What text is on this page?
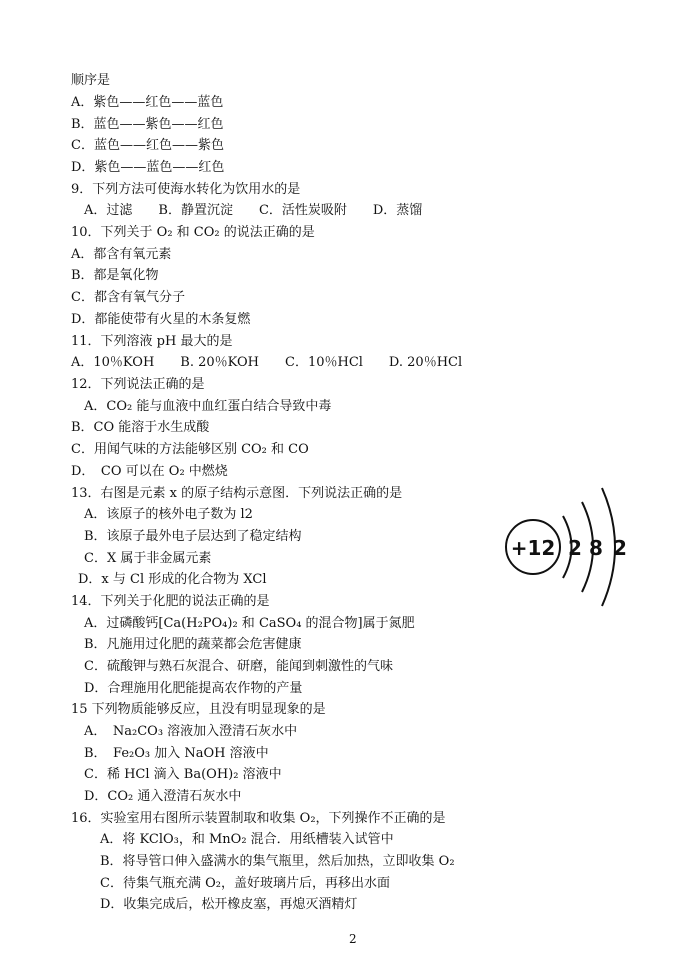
顺序是
A．紫色——红色——蓝色
B．蓝色——紫色——红色
C．蓝色——红色——紫色
D．紫色——蓝色——红色
9．下列方法可使海水转化为饮用水的是
A．过滤　　B．静置沉淀　　C．活性炭吸附　　D．蒸馏
10．下列关于 O₂ 和 CO₂ 的说法正确的是
A．都含有氧元素
B．都是氧化物
C．都含有氧气分子
D．都能使带有火星的木条复燃
11．下列溶液 pH 最大的是
A．10％KOH　　B. 20％KOH　　C．10％HCl　　D. 20％HCl
12．下列说法正确的是
A．CO₂ 能与血液中血红蛋白结合导致中毒
B．CO 能溶于水生成酸
C．用闻气味的方法能够区别 CO₂ 和 CO
D．　CO 可以在 O₂ 中燃烧
13．右图是元素 x 的原子结构示意图．下列说法正确的是
A．该原子的核外电子数为 l2
B．该原子最外电子层达到了稳定结构
C．X 属于非金属元素
D．x 与 Cl 形成的化合物为 XCl
14．下列关于化肥的说法正确的是
A．过磷酸钙[Ca(H₂PO₄)₂ 和 CaSO₄ 的混合物]属于氮肥
B．凡施用过化肥的蔬菜都会危害健康
C．硫酸钾与熟石灰混合、研磨，能闻到刺激性的气味
D．合理施用化肥能提高农作物的产量
15 下列物质能够反应，且没有明显现象的是
A．　Na₂CO₃ 溶液加入澄清石灰水中
B．　Fe₂O₃ 加入 NaOH 溶液中
C．稀 HCl 滴入 Ba(OH)₂ 溶液中
D．CO₂ 通入澄清石灰水中
16．实验室用右图所示装置制取和收集 O₂，下列操作不正确的是
A．将 KClO₃，和 MnO₂ 混合．用纸槽装入试管中
B．将导管口伸入盛满水的集气瓶里，然后加热，立即收集 O₂
C．待集气瓶充满 O₂，盖好玻璃片后，再移出水面
D．收集完成后，松开橡皮塞，再熄灭酒精灯
+12 2 8 2
2
